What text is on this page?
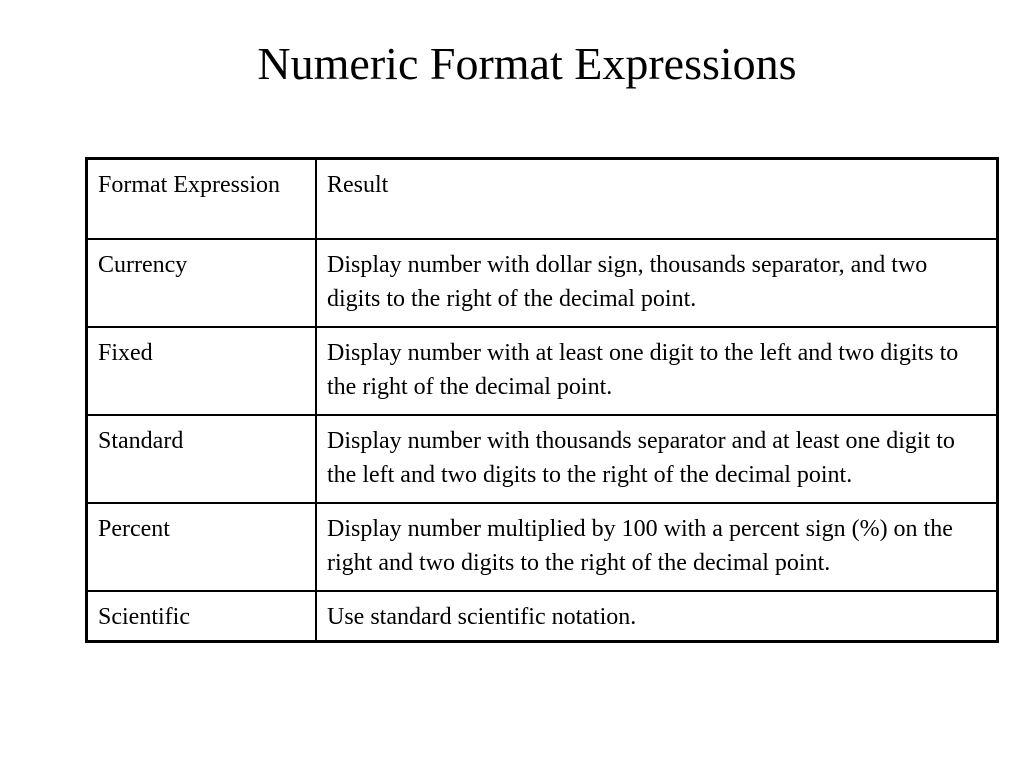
Numeric Format Expressions
Format Expression	Result
Currency	Display number with dollar sign, thousands separator, and two digits to the right of the decimal point.
Fixed	Display number with at least one digit to the left and two digits to the right of the decimal point.
Standard	Display number with thousands separator and at least one digit to the left and two digits to the right of the decimal point.
Percent	Display number multiplied by 100 with a percent sign (%) on the right and two digits to the right of the decimal point.
Scientific	Use standard scientific notation.
